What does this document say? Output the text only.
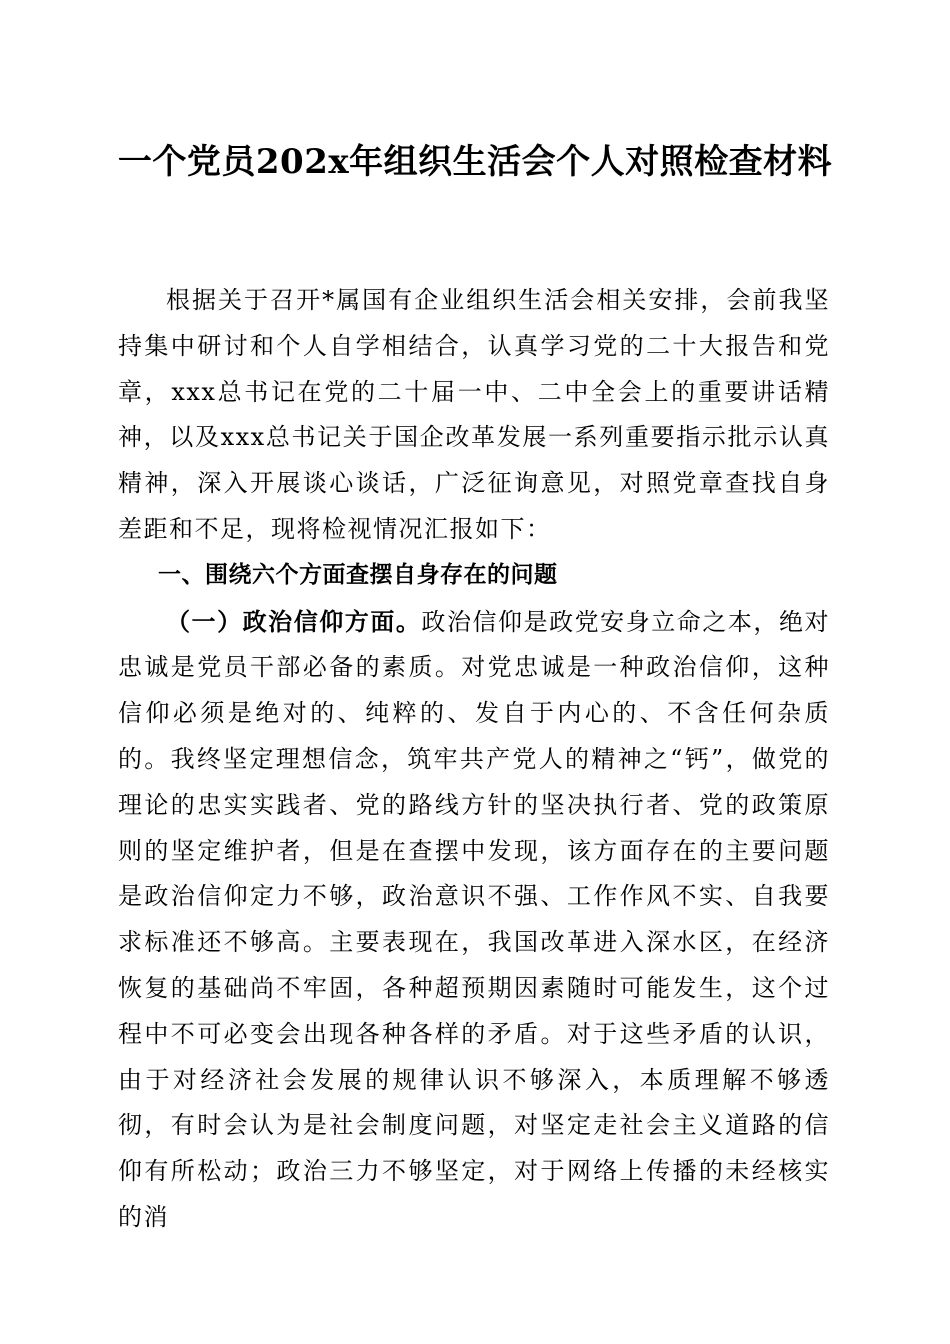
一个党员202x年组织生活会个人对照检查材料

根据关于召开*属国有企业组织生活会相关安排，会前我坚持集中研讨和个人自学相结合，认真学习党的二十大报告和党章，xxx总书记在党的二十届一中、二中全会上的重要讲话精神，以及xxx总书记关于国企改革发展一系列重要指示批示认真精神，深入开展谈心谈话，广泛征询意见，对照党章查找自身差距和不足，现将检视情况汇报如下：

一、围绕六个方面查摆自身存在的问题

（一）政治信仰方面。政治信仰是政党安身立命之本，绝对忠诚是党员干部必备的素质。对党忠诚是一种政治信仰，这种信仰必须是绝对的、纯粹的、发自于内心的、不含任何杂质的。我终坚定理想信念，筑牢共产党人的精神之“钙”，做党的理论的忠实实践者、党的路线方针的坚决执行者、党的政策原则的坚定维护者，但是在查摆中发现，该方面存在的主要问题是政治信仰定力不够，政治意识不强、工作作风不实、自我要求标准还不够高。主要表现在，我国改革进入深水区，在经济恢复的基础尚不牢固，各种超预期因素随时可能发生，这个过程中不可必变会出现各种各样的矛盾。对于这些矛盾的认识，由于对经济社会发展的规律认识不够深入，本质理解不够透彻，有时会认为是社会制度问题，对坚定走社会主义道路的信仰有所松动；政治三力不够坚定，对于网络上传播的未经核实的消
